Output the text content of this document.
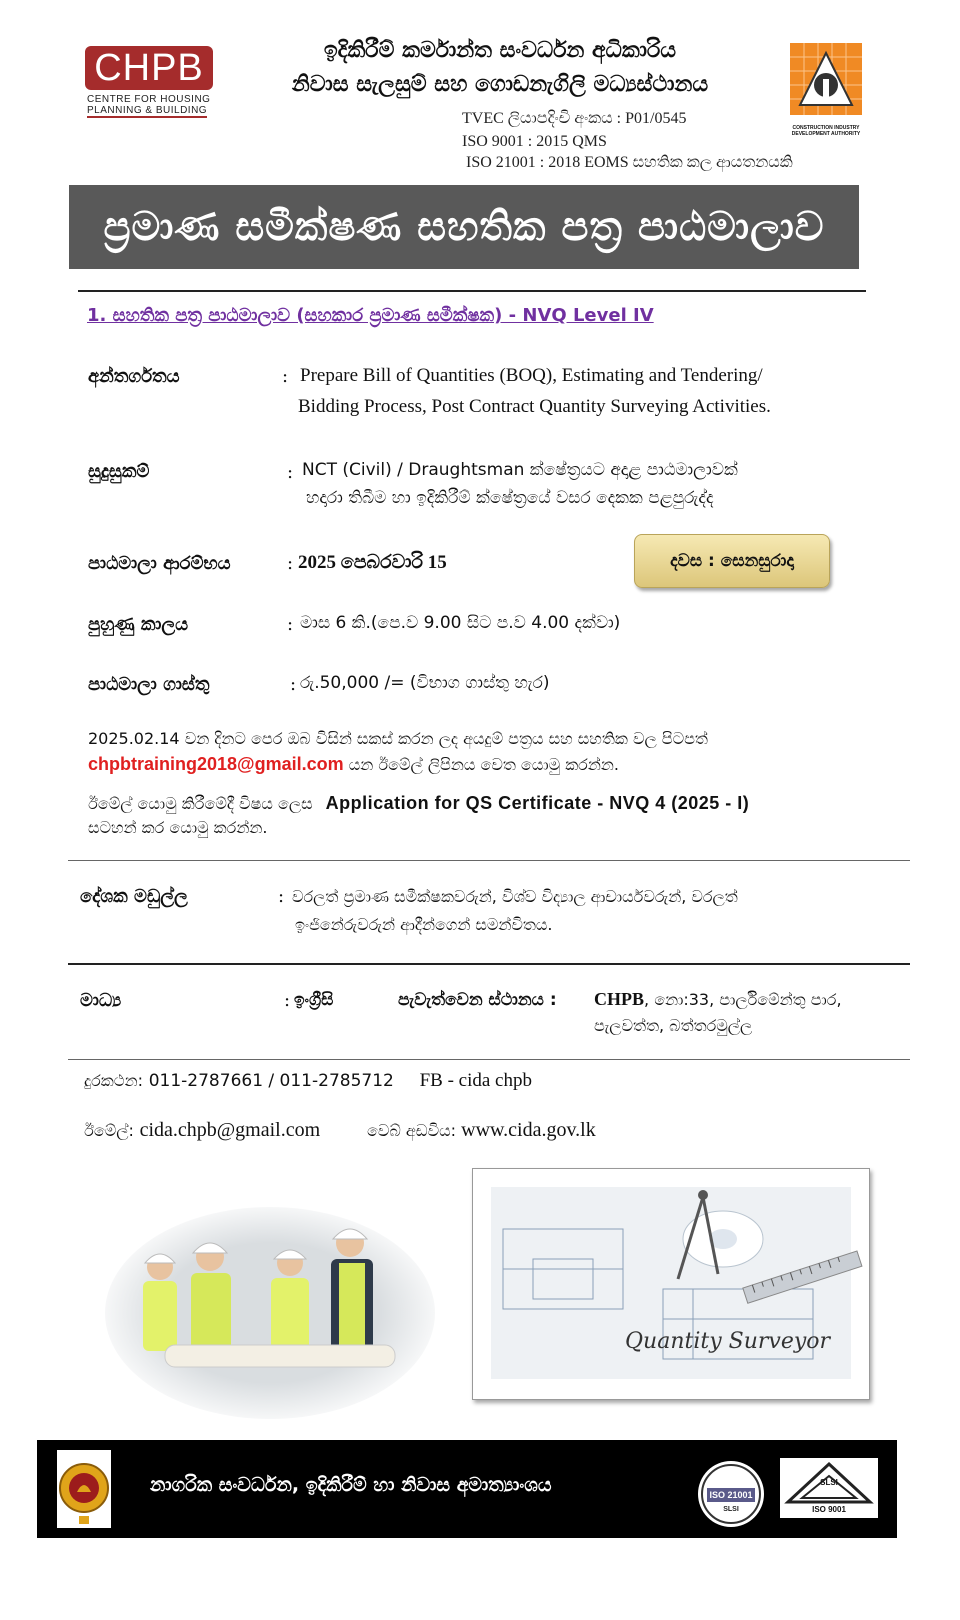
CHPB
CENTRE FOR HOUSING
PLANNING & BUILDING
ඉදිකිරීම් කර්මාන්ත සංවර්ධන අධිකාරිය
නිවාස සැලසුම් සහ ගොඩනැගිලි මධ්‍යස්ථානය
CONSTRUCTION INDUSTRY
DEVELOPMENT AUTHORITY
TVEC ලියාපදිංචි අංකය : P01/0545
ISO 9001 : 2015 QMS
ISO 21001 : 2018 EOMS සහතික කල ආයතනයකි
ප්‍රමාණ සමීක්ෂණ සහතික පත්‍ර පාඨමාලාව
1. සහතික පත්‍ර පාඨමාලාව (සහකාර ප්‍රමාණ සමීක්ෂක) - NVQ Level IV
අන්තර්ගතය	: Prepare Bill of Quantities (BOQ), Estimating and Tendering/
Bidding Process, Post Contract Quantity Surveying Activities.
සුදුසුකම්	: NCT (Civil) / Draughtsman ක්ෂේත්‍රයට අදාළ පාඨමාලාවක්
හදාරා තිබීම හා ඉදිකිරීම් ක්ෂේත්‍රයේ වසර දෙකක පළපුරුද්ද
පාඨමාලා ආරම්භය	: 2025 පෙබරවාරි 15	දවස : සෙනසුරාදා
පුහුණු කාලය	: මාස 6 කි.(පෙ.ව 9.00 සිට ප.ව 4.00 දක්වා)
පාඨමාලා ගාස්තු	: රු.50,000 /= (විභාග ගාස්තු හැර)
2025.02.14 වන දිනට පෙර ඔබ විසින් සකස් කරන ලද අයදුම් පත්‍රය සහ සහතික වල පිටපත්
chpbtraining2018@gmail.com යන ඊමේල් ලිපිනය වෙත යොමු කරන්න.
ඊමේල් යොමු කිරීමේදී විෂය ලෙස Application for QS Certificate - NVQ 4 (2025 - I)
සටහන් කර යොමු කරන්න.
දේශක මඩුල්ල	: වරලත් ප්‍රමාණ සමීක්ෂකවරුන්, විශ්ව විද්‍යාල ආචාර්යවරුන්, වරලත්
ඉංජිනේරුවරුන් ආදීන්ගෙන් සමන්විතය.
මාධ්‍ය	: ඉංග්‍රීසි	පැවැත්වෙන ස්ථානය : CHPB, නො:33, පාර්ලිමේන්තු පාර,
පැලවත්ත, බත්තරමුල්ල
දුරකථන: 011-2787661 / 011-2785712 FB - cida chpb
ඊමේල්: cida.chpb@gmail.com	වෙබ් අඩවිය: www.cida.gov.lk
Quantity Surveyor
නාගරික සංවර්ධන, ඉදිකිරීම් හා නිවාස අමාත්‍යාංශය	ISO 21001
SLSI
SLSI
ISO 9001
